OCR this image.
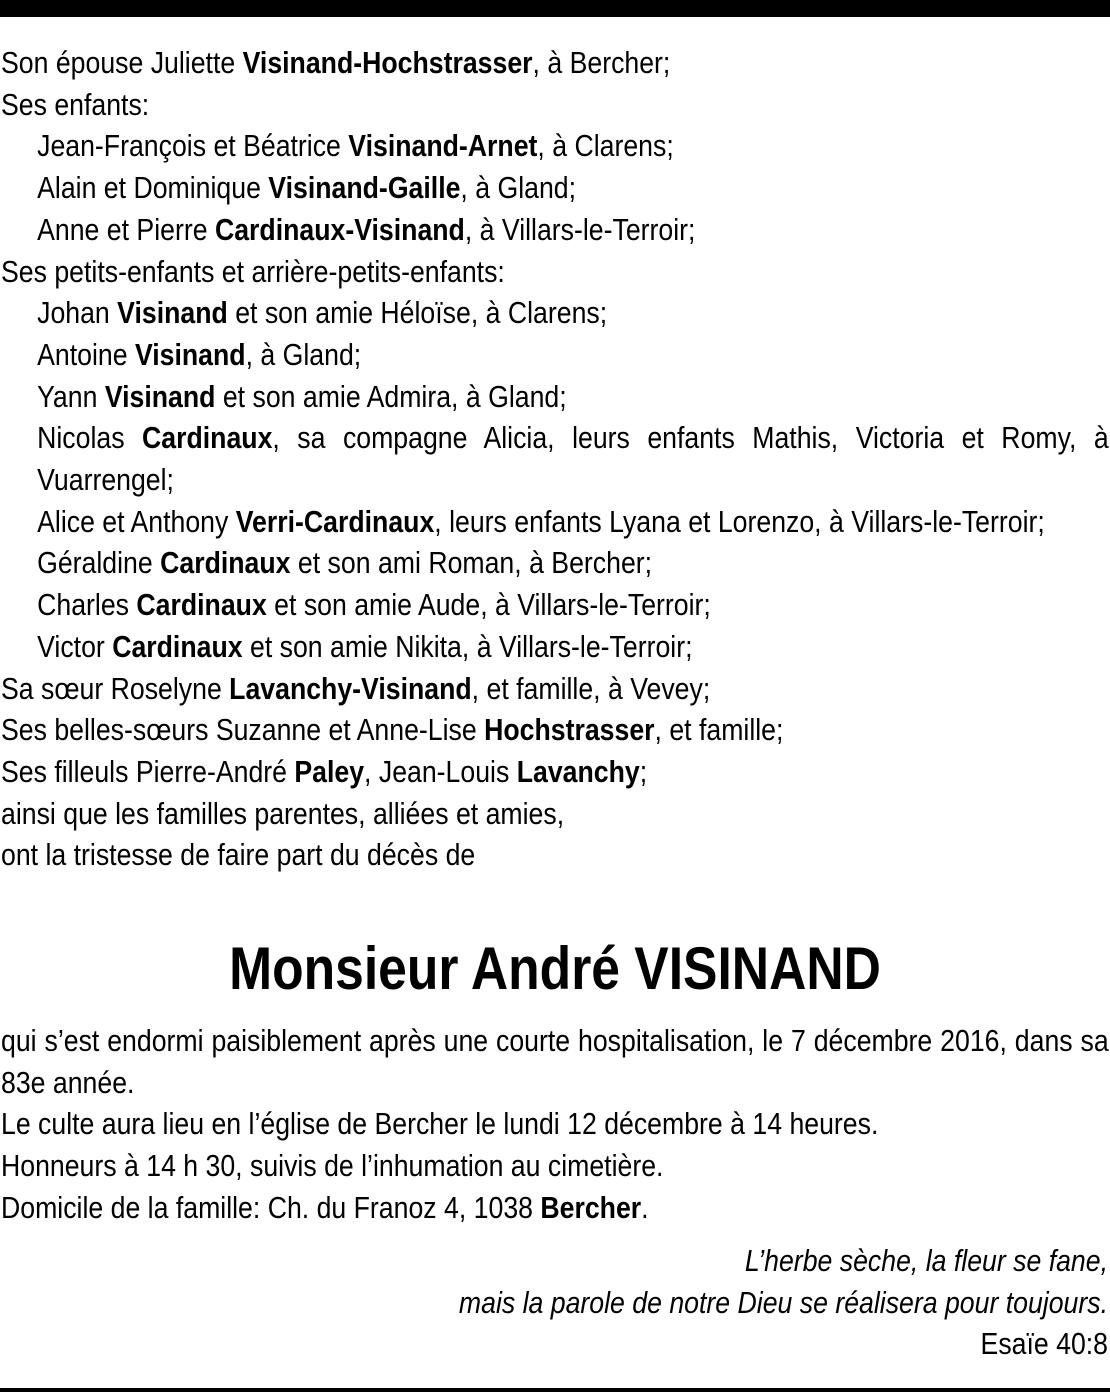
Son épouse Juliette Visinand-Hochstrasser, à Bercher;
Ses enfants:
Jean-François et Béatrice Visinand-Arnet, à Clarens;
Alain et Dominique Visinand-Gaille, à Gland;
Anne et Pierre Cardinaux-Visinand, à Villars-le-Terroir;
Ses petits-enfants et arrière-petits-enfants:
Johan Visinand et son amie Héloïse, à Clarens;
Antoine Visinand, à Gland;
Yann Visinand et son amie Admira, à Gland;
Nicolas Cardinaux, sa compagne Alicia, leurs enfants Mathis, Victoria et Romy, à Vuarrengel;
Alice et Anthony Verri-Cardinaux, leurs enfants Lyana et Lorenzo, à Villars-le-Terroir;
Géraldine Cardinaux et son ami Roman, à Bercher;
Charles Cardinaux et son amie Aude, à Villars-le-Terroir;
Victor Cardinaux et son amie Nikita, à Villars-le-Terroir;
Sa sœur Roselyne Lavanchy-Visinand, et famille, à Vevey;
Ses belles-sœurs Suzanne et Anne-Lise Hochstrasser, et famille;
Ses filleuls Pierre-André Paley, Jean-Louis Lavanchy;
ainsi que les familles parentes, alliées et amies,
ont la tristesse de faire part du décès de
Monsieur André VISINAND
qui s’est endormi paisiblement après une courte hospitalisation, le 7 décembre 2016, dans sa 83e année.
Le culte aura lieu en l’église de Bercher le lundi 12 décembre à 14 heures.
Honneurs à 14 h 30, suivis de l’inhumation au cimetière.
Domicile de la famille: Ch. du Franoz 4, 1038 Bercher.
L’herbe sèche, la fleur se fane,
mais la parole de notre Dieu se réalisera pour toujours.
Esaïe 40:8
